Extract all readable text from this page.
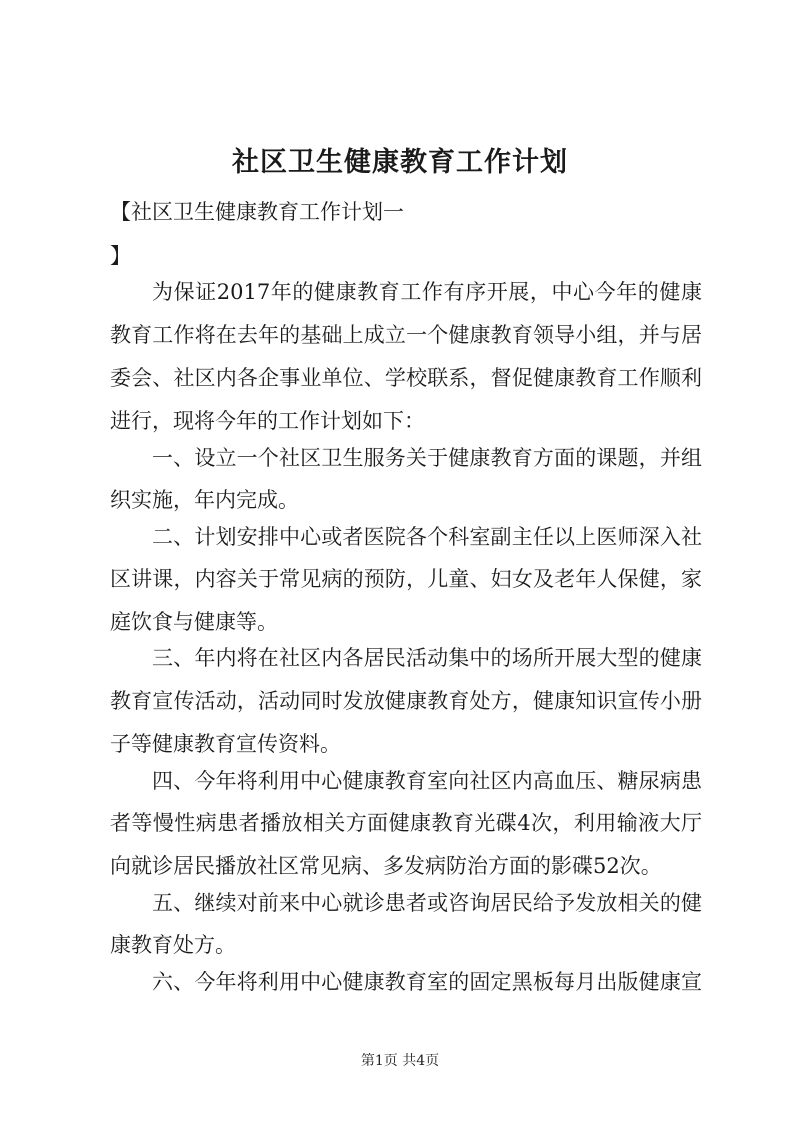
社区卫生健康教育工作计划
【社区卫生健康教育工作计划一
】
为保证2017年的健康教育工作有序开展，中心今年的健康
教育工作将在去年的基础上成立一个健康教育领导小组，并与居
委会、社区内各企事业单位、学校联系，督促健康教育工作顺利
进行，现将今年的工作计划如下：
一、设立一个社区卫生服务关于健康教育方面的课题，并组
织实施，年内完成。
二、计划安排中心或者医院各个科室副主任以上医师深入社
区讲课，内容关于常见病的预防，儿童、妇女及老年人保健，家
庭饮食与健康等。
三、年内将在社区内各居民活动集中的场所开展大型的健康
教育宣传活动，活动同时发放健康教育处方，健康知识宣传小册
子等健康教育宣传资料。
四、今年将利用中心健康教育室向社区内高血压、糖尿病患
者等慢性病患者播放相关方面健康教育光碟4次，利用输液大厅
向就诊居民播放社区常见病、多发病防治方面的影碟52次。
五、继续对前来中心就诊患者或咨询居民给予发放相关的健
康教育处方。
六、今年将利用中心健康教育室的固定黑板每月出版健康宣
第1页 共4页
